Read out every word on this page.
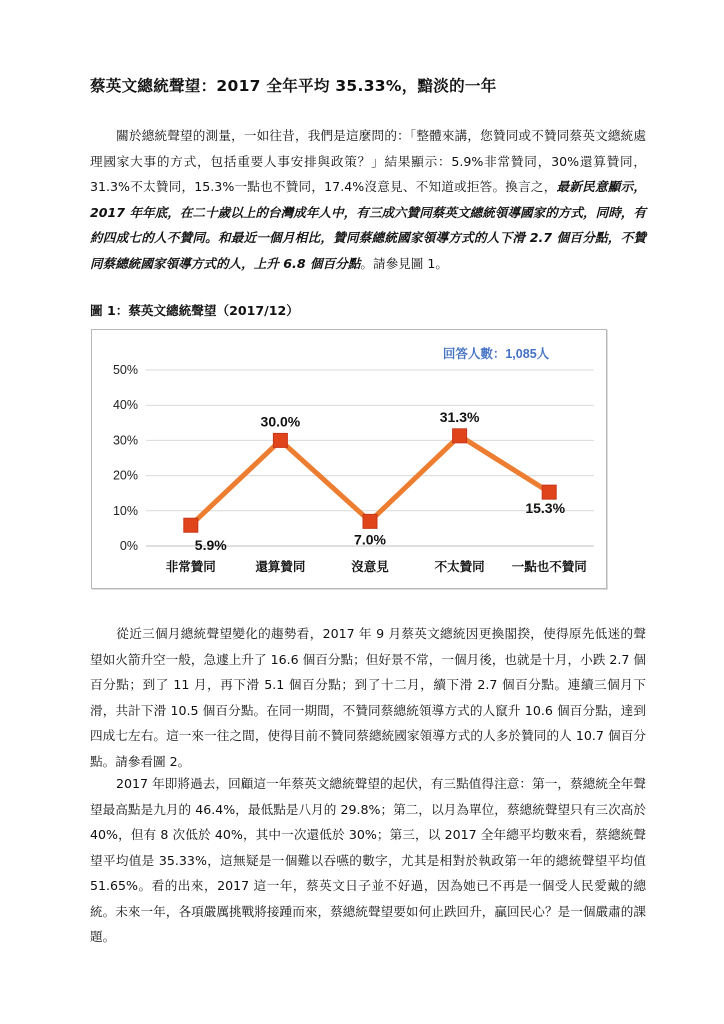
蔡英文總統聲望：2017 全年平均 35.33%，黯淡的一年
關於總統聲望的測量，一如往昔，我們是這麼問的：「整體來講，您贊同或不贊同蔡英文總統處理國家大事的方式，包括重要人事安排與政策？」結果顯示：5.9%非常贊同，30%還算贊同，31.3%不太贊同，15.3%一點也不贊同，17.4%沒意見、不知道或拒答。換言之，最新民意顯示，2017 年年底，在二十歲以上的台灣成年人中，有三成六贊同蔡英文總統領導國家的方式，同時，有約四成七的人不贊同。和最近一個月相比，贊同蔡總統國家領導方式的人下滑 2.7 個百分點，不贊同蔡總統國家領導方式的人，上升 6.8 個百分點。請參見圖 1。
圖 1：蔡英文總統聲望（2017/12）
0%
10%
20%
30%
40%
50%
5.9%
30.0%
7.0%
31.3%
15.3%
非常贊同	還算贊同	沒意見	不太贊同 一點也不贊同
回答人數：1,085人
從近三個月總統聲望變化的趨勢看，2017 年 9 月蔡英文總統因更換閣揆，使得原先低迷的聲望如火箭升空一般，急遽上升了 16.6 個百分點；但好景不常，一個月後，也就是十月，小跌 2.7 個百分點；到了 11 月，再下滑 5.1 個百分點；到了十二月，續下滑 2.7 個百分點。連續三個月下滑，共計下滑 10.5 個百分點。在同一期間，不贊同蔡總統領導方式的人竄升 10.6 個百分點，達到四成七左右。這一來一往之間，使得目前不贊同蔡總統國家領導方式的人多於贊同的人 10.7 個百分點。請參看圖 2。
2017 年即將過去，回顧這一年蔡英文總統聲望的起伏，有三點值得注意：第一，蔡總統全年聲望最高點是九月的 46.4%，最低點是八月的 29.8%；第二，以月為單位，蔡總統聲望只有三次高於 40%，但有 8 次低於 40%，其中一次還低於 30%；第三，以 2017 全年總平均數來看，蔡總統聲望平均值是 35.33%，這無疑是一個難以吞嚥的數字，尤其是相對於執政第一年的總統聲望平均值 51.65%。看的出來，2017 這一年，蔡英文日子並不好過，因為她已不再是一個受人民愛戴的總統。未來一年，各項嚴厲挑戰將接踵而來，蔡總統聲望要如何止跌回升，贏回民心？是一個嚴肅的課題。
